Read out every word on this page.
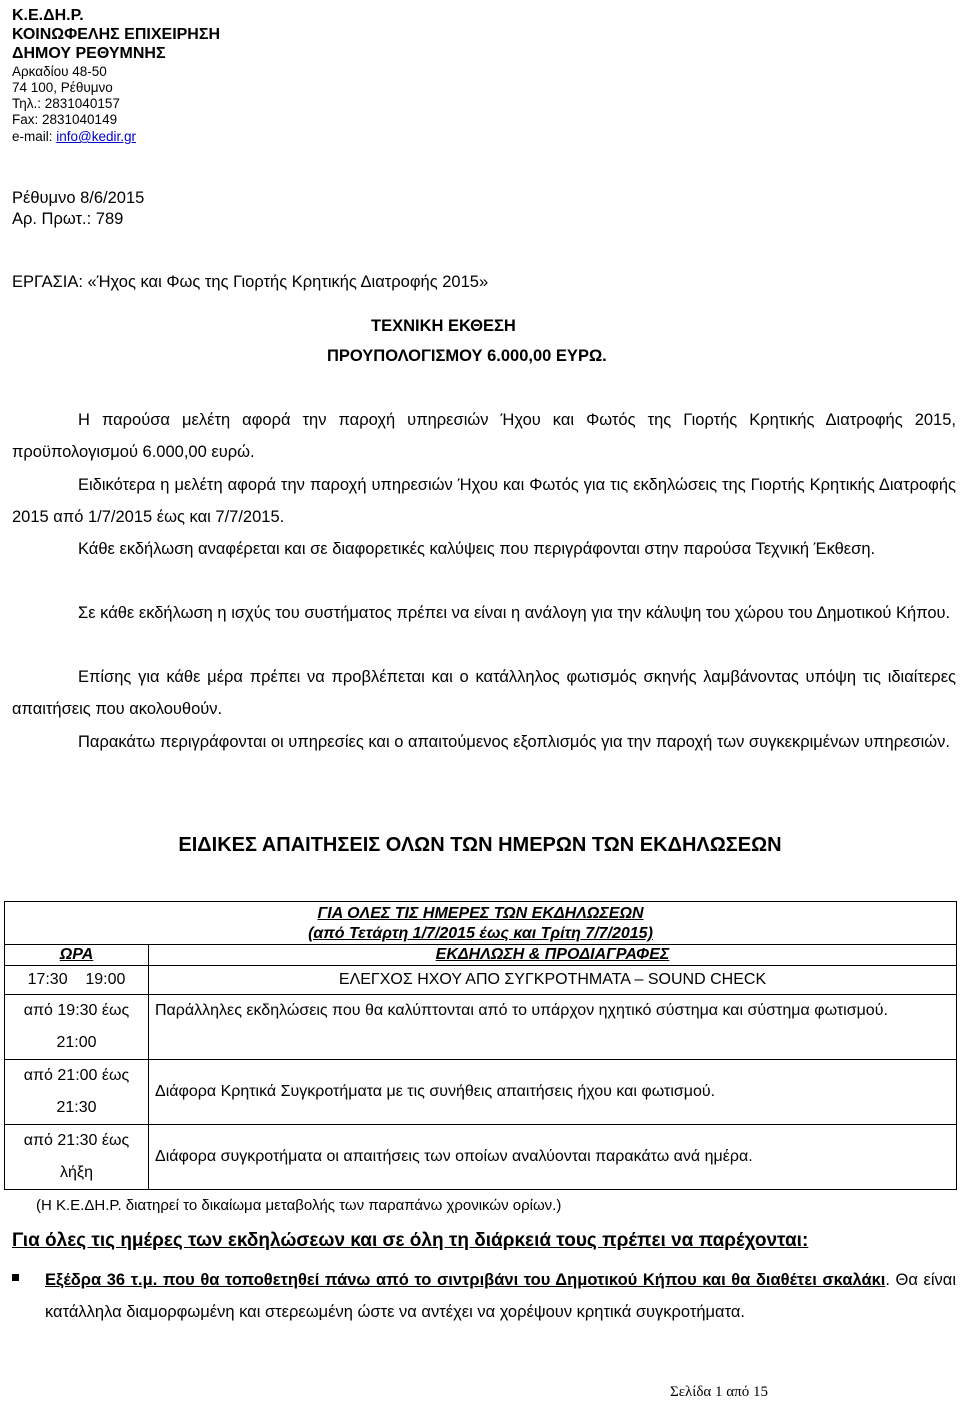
Κ.Ε.ΔΗ.Ρ.
ΚΟΙΝΩΦΕΛΗΣ ΕΠΙΧΕΙΡΗΣΗ
ΔΗΜΟΥ ΡΕΘΥΜΝΗΣ
Αρκαδίου 48-50
74 100, Ρέθυμνο
Τηλ.: 2831040157
Fax: 2831040149
e-mail: info@kedir.gr
Ρέθυμνο 8/6/2015
Αρ. Πρωτ.: 789
ΕΡΓΑΣΙΑ: «Ήχος και Φως της Γιορτής Κρητικής Διατροφής 2015»
ΤΕΧΝΙΚΗ ΕΚΘΕΣΗ
ΠΡΟΥΠΟΛΟΓΙΣΜΟΥ 6.000,00 ΕΥΡΩ.
Η παρούσα μελέτη αφορά την παροχή υπηρεσιών Ήχου και Φωτός της Γιορτής Κρητικής Διατροφής 2015, προϋπολογισμού 6.000,00 ευρώ.
Ειδικότερα η μελέτη αφορά την παροχή υπηρεσιών Ήχου και Φωτός για τις εκδηλώσεις της Γιορτής Κρητικής Διατροφής 2015 από 1/7/2015 έως και 7/7/2015.
Κάθε εκδήλωση αναφέρεται και σε διαφορετικές καλύψεις που περιγράφονται στην παρούσα Τεχνική Έκθεση.
Σε κάθε εκδήλωση η ισχύς του συστήματος πρέπει να είναι η ανάλογη για την κάλυψη του χώρου του Δημοτικού Κήπου.
Επίσης για κάθε μέρα πρέπει να προβλέπεται και ο κατάλληλος φωτισμός σκηνής λαμβάνοντας υπόψη τις ιδιαίτερες απαιτήσεις που ακολουθούν.
Παρακάτω περιγράφονται οι υπηρεσίες και ο απαιτούμενος εξοπλισμός για την παροχή των συγκεκριμένων υπηρεσιών.
ΕΙΔΙΚΕΣ ΑΠΑΙΤΗΣΕΙΣ ΟΛΩΝ ΤΩΝ ΗΜΕΡΩΝ ΤΩΝ ΕΚΔΗΛΩΣΕΩΝ
ΓΙΑ ΟΛΕΣ ΤΙΣ ΗΜΕΡΕΣ ΤΩΝ ΕΚΔΗΛΩΣΕΩΝ
(από Τετάρτη 1/7/2015 έως και Τρίτη 7/7/2015)	

ΩΡΑ	ΕΚΔΗΛΩΣΗ & ΠΡΟΔΙΑΓΡΑΦΕΣ
17:30    19:00	ΕΛΕΓΧΟΣ ΗΧΟΥ ΑΠΟ ΣΥΓΚΡΟΤΗΜΑΤΑ – SOUND CHECK
από 19:30 έως 21:00	Παράλληλες εκδηλώσεις που θα καλύπτονται από το υπάρχον ηχητικό σύστημα και σύστημα φωτισμού.
από 21:00 έως 21:30	Διάφορα Κρητικά Συγκροτήματα με τις συνήθεις απαιτήσεις ήχου και φωτισμού.
από 21:30 έως λήξη	Διάφορα συγκροτήματα οι απαιτήσεις των οποίων αναλύονται παρακάτω ανά ημέρα.
(Η Κ.Ε.ΔΗ.Ρ. διατηρεί το δικαίωμα μεταβολής των παραπάνω χρονικών ορίων.)
Για όλες τις ημέρες των εκδηλώσεων και σε όλη τη διάρκειά τους πρέπει να παρέχονται:
Εξέδρα 36 τ.μ. που θα τοποθετηθεί πάνω από το σιντριβάνι του Δημοτικού Κήπου και θα διαθέτει σκαλάκι. Θα είναι κατάλληλα διαμορφωμένη και στερεωμένη ώστε να αντέχει να χορέψουν κρητικά συγκροτήματα.
Σελίδα 1 από 15
